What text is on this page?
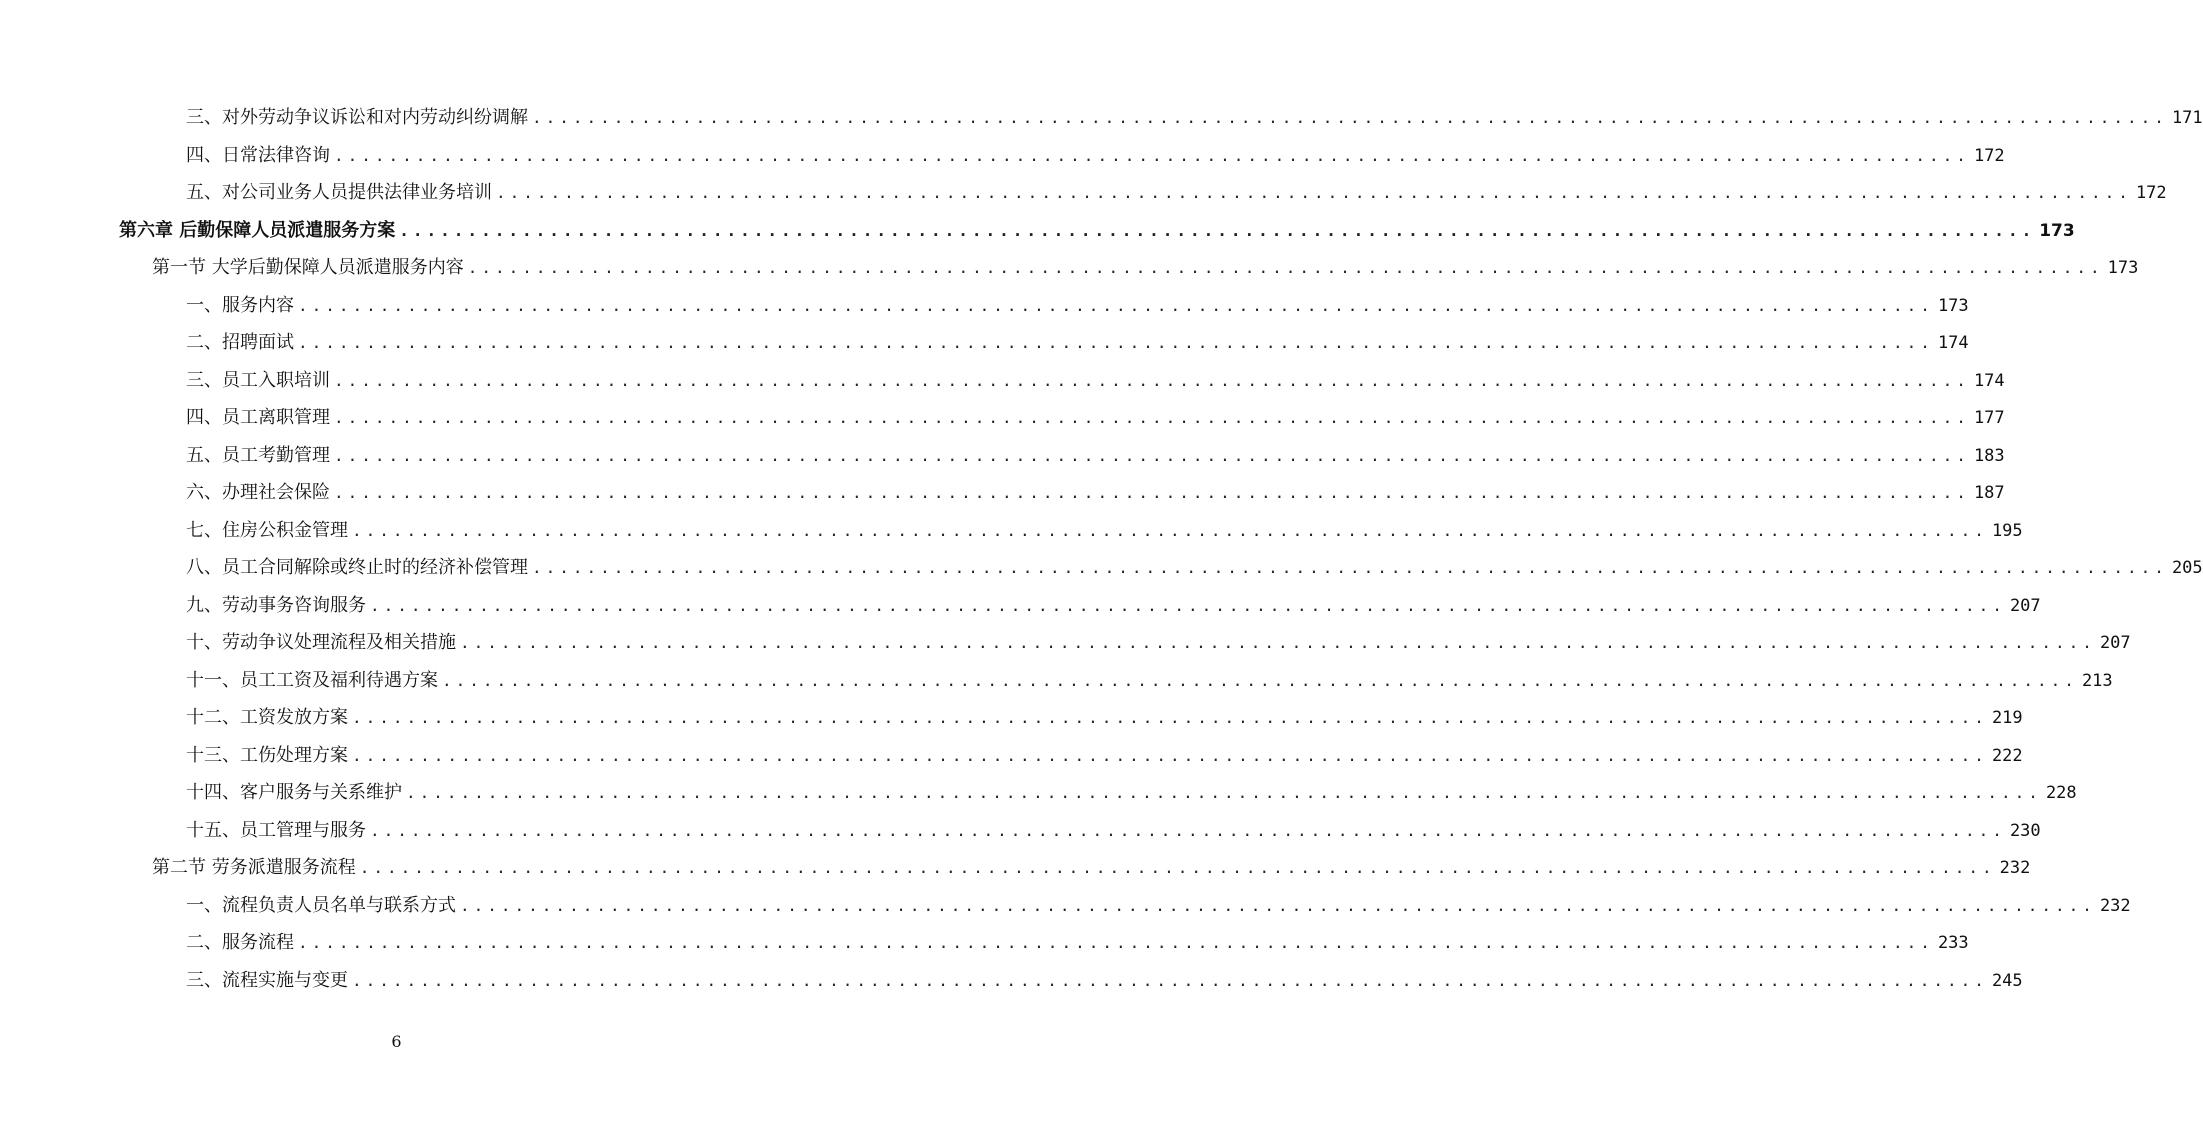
三、对外劳动争议诉讼和对内劳动纠纷调解 ........................................................................................................................ 171
四、日常法律咨询 ........................................................................................................................ 172
五、对公司业务人员提供法律业务培训 ........................................................................................................................ 172
第六章 后勤保障人员派遣服务方案 ........................................................................................................................ 173
第一节 大学后勤保障人员派遣服务内容 ........................................................................................................................ 173
一、服务内容 ........................................................................................................................ 173
二、招聘面试 ........................................................................................................................ 174
三、员工入职培训 ........................................................................................................................ 174
四、员工离职管理 ........................................................................................................................ 177
五、员工考勤管理 ........................................................................................................................ 183
六、办理社会保险 ........................................................................................................................ 187
七、住房公积金管理 ........................................................................................................................ 195
八、员工合同解除或终止时的经济补偿管理 ........................................................................................................................ 205
九、劳动事务咨询服务 ........................................................................................................................ 207
十、劳动争议处理流程及相关措施 ........................................................................................................................ 207
十一、员工工资及福利待遇方案 ........................................................................................................................ 213
十二、工资发放方案 ........................................................................................................................ 219
十三、工伤处理方案 ........................................................................................................................ 222
十四、客户服务与关系维护 ........................................................................................................................ 228
十五、员工管理与服务 ........................................................................................................................ 230
第二节 劳务派遣服务流程 ........................................................................................................................ 232
一、流程负责人员名单与联系方式 ........................................................................................................................ 232
二、服务流程 ........................................................................................................................ 233
三、流程实施与变更 ........................................................................................................................ 245
6
